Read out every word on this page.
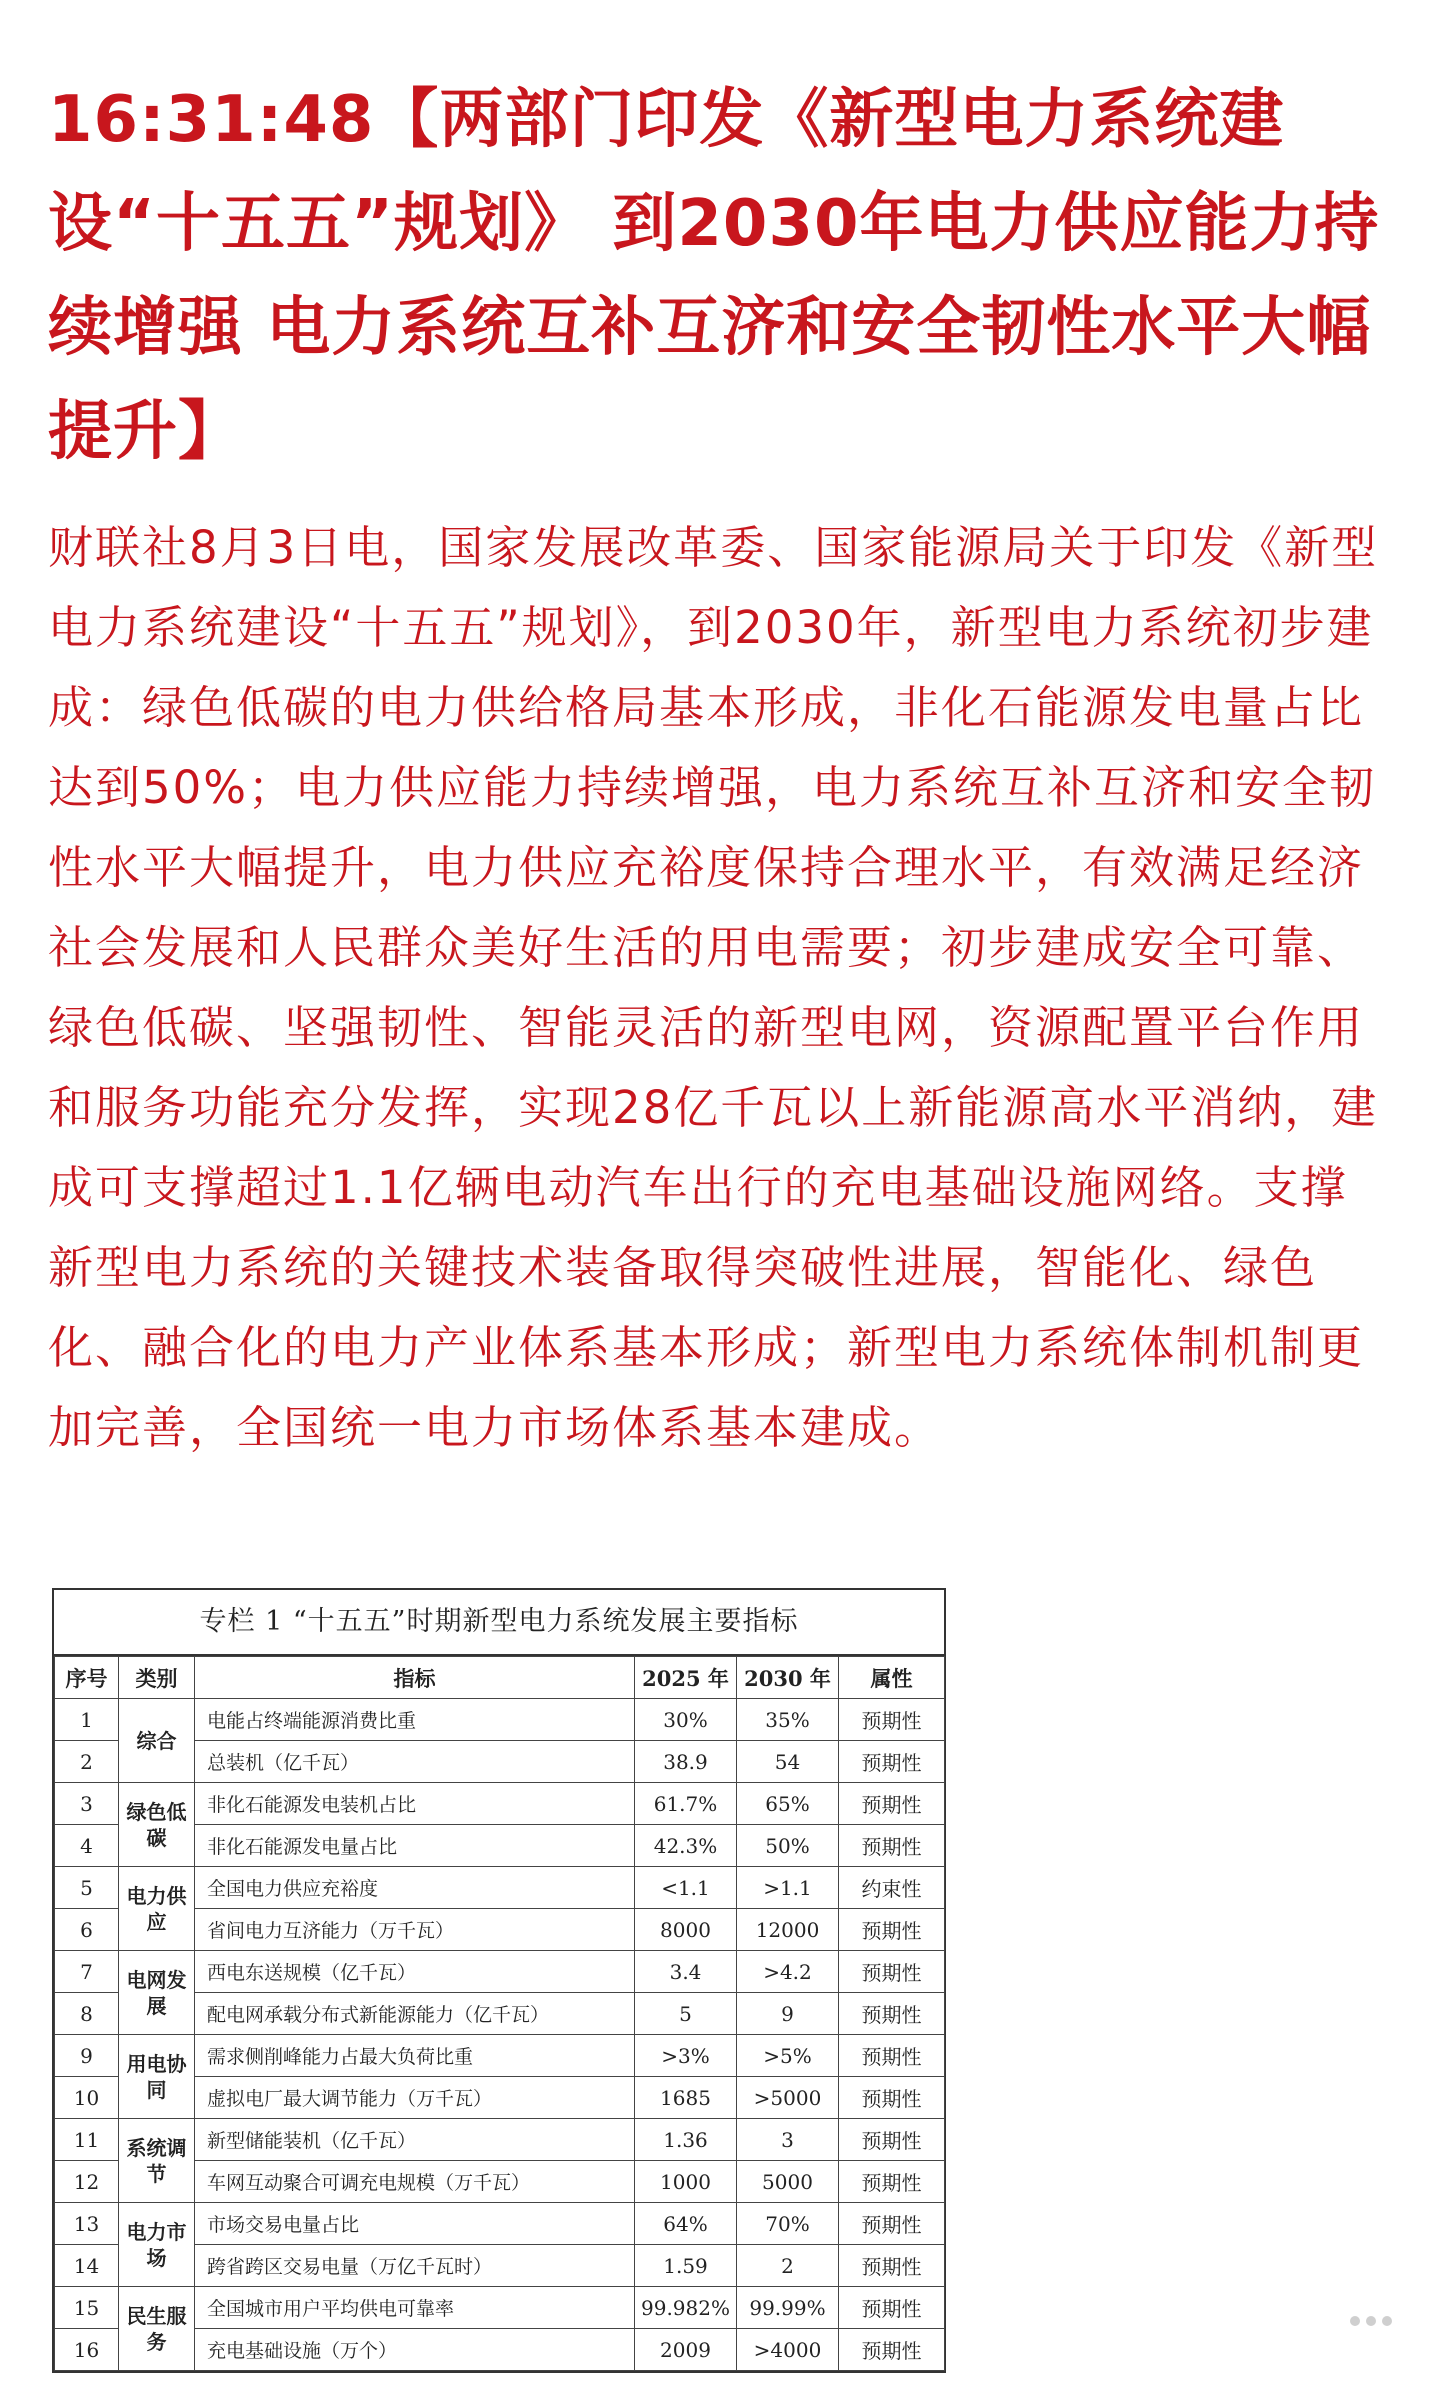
16:31:48【两部门印发《新型电力系统建设“十五五”规划》 到2030年电力供应能力持续增强 电力系统互补互济和安全韧性水平大幅提升】

财联社8月3日电，国家发展改革委、国家能源局关于印发《新型电力系统建设“十五五”规划》，到2030年，新型电力系统初步建成：绿色低碳的电力供给格局基本形成，非化石能源发电量占比达到50%；电力供应能力持续增强，电力系统互补互济和安全韧性水平大幅提升，电力供应充裕度保持合理水平，有效满足经济社会发展和人民群众美好生活的用电需要；初步建成安全可靠、绿色低碳、坚强韧性、智能灵活的新型电网，资源配置平台作用和服务功能充分发挥，实现28亿千瓦以上新能源高水平消纳，建成可支撑超过1.1亿辆电动汽车出行的充电基础设施网络。支撑新型电力系统的关键技术装备取得突破性进展，智能化、绿色化、融合化的电力产业体系基本形成；新型电力系统体制机制更加完善，全国统一电力市场体系基本建成。

专栏 1 “十五五”时期新型电力系统发展主要指标
序号	类别	指标	2025 年	2030 年	属性
1	综合	电能占终端能源消费比重	30%	35%	预期性
2		总装机（亿千瓦）	38.9	54	预期性
3	绿色低碳	非化石能源发电装机占比	61.7%	65%	预期性
4		非化石能源发电量占比	42.3%	50%	预期性
5	电力供应	全国电力供应充裕度	<1.1	>1.1	约束性
6		省间电力互济能力（万千瓦）	8000	12000	预期性
7	电网发展	西电东送规模（亿千瓦）	3.4	>4.2	预期性
8		配电网承载分布式新能源能力（亿千瓦）	5	9	预期性
9	用电协同	需求侧削峰能力占最大负荷比重	>3%	>5%	预期性
10		虚拟电厂最大调节能力（万千瓦）	1685	>5000	预期性
11	系统调节	新型储能装机（亿千瓦）	1.36	3	预期性
12		车网互动聚合可调充电规模（万千瓦）	1000	5000	预期性
13	电力市场	市场交易电量占比	64%	70%	预期性
14		跨省跨区交易电量（万亿千瓦时）	1.59	2	预期性
15	民生服务	全国城市用户平均供电可靠率	99.982%	99.99%	预期性
16		充电基础设施（万个）	2009	>4000	预期性
